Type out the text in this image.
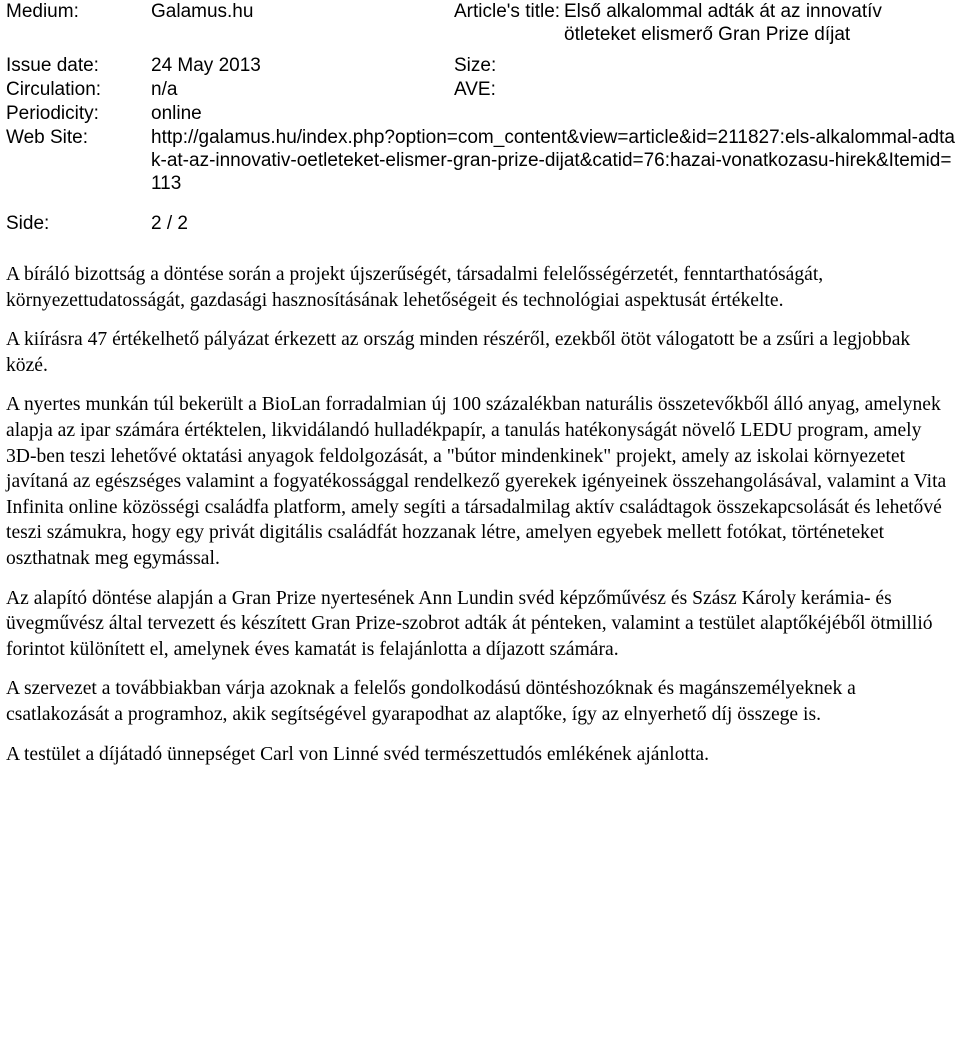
Medium:	Galamus.hu	Article's title: Első alkalommal adták át az innovatív ötleteket elismerő Gran Prize díjat
Issue date:	24 May 2013	Size:
Circulation:	n/a	AVE:
Periodicity:	online
Web Site:	http://galamus.hu/index.php?option=com_content&view=article&id=211827:els-alkalommal-adtak-at-az-innovativ-oetleteket-elismer-gran-prize-dijat&catid=76:hazai-vonatkozasu-hirek&Itemid=113
Side:	2 / 2

A bíráló bizottság a döntése során a projekt újszerűségét, társadalmi felelősségérzetét, fenntarthatóságát, környezettudatosságát, gazdasági hasznosításának lehetőségeit és technológiai aspektusát értékelte.

A kiírásra 47 értékelhető pályázat érkezett az ország minden részéről, ezekből ötöt válogatott be a zsűri a legjobbak közé.

A nyertes munkán túl bekerült a BioLan forradalmian új 100 százalékban naturális összetevőkből álló anyag, amelynek alapja az ipar számára értéktelen, likvidálandó hulladékpapír, a tanulás hatékonyságát növelő LEDU program, amely 3D-ben teszi lehetővé oktatási anyagok feldolgozását, a "bútor mindenkinek" projekt, amely az iskolai környezetet javítaná az egészséges valamint a fogyatékossággal rendelkező gyerekek igényeinek összehangolásával, valamint a Vita Infinita online közösségi családfa platform, amely segíti a társadalmilag aktív családtagok összekapcsolását és lehetővé teszi számukra, hogy egy privát digitális családfát hozzanak létre, amelyen egyebek mellett fotókat, történeteket oszthatnak meg egymással.

Az alapító döntése alapján a Gran Prize nyertesének Ann Lundin svéd képzőművész és Szász Károly kerámia- és üvegművész által tervezett és készített Gran Prize-szobrot adták át pénteken, valamint a testület alaptőkéjéből ötmillió forintot különített el, amelynek éves kamatát is felajánlotta a díjazott számára.

A szervezet a továbbiakban várja azoknak a felelős gondolkodású döntéshozóknak és magánszemélyeknek a csatlakozását a programhoz, akik segítségével gyarapodhat az alaptőke, így az elnyerhető díj összege is.

A testület a díjátadó ünnepséget Carl von Linné svéd természettudós emlékének ajánlotta.
